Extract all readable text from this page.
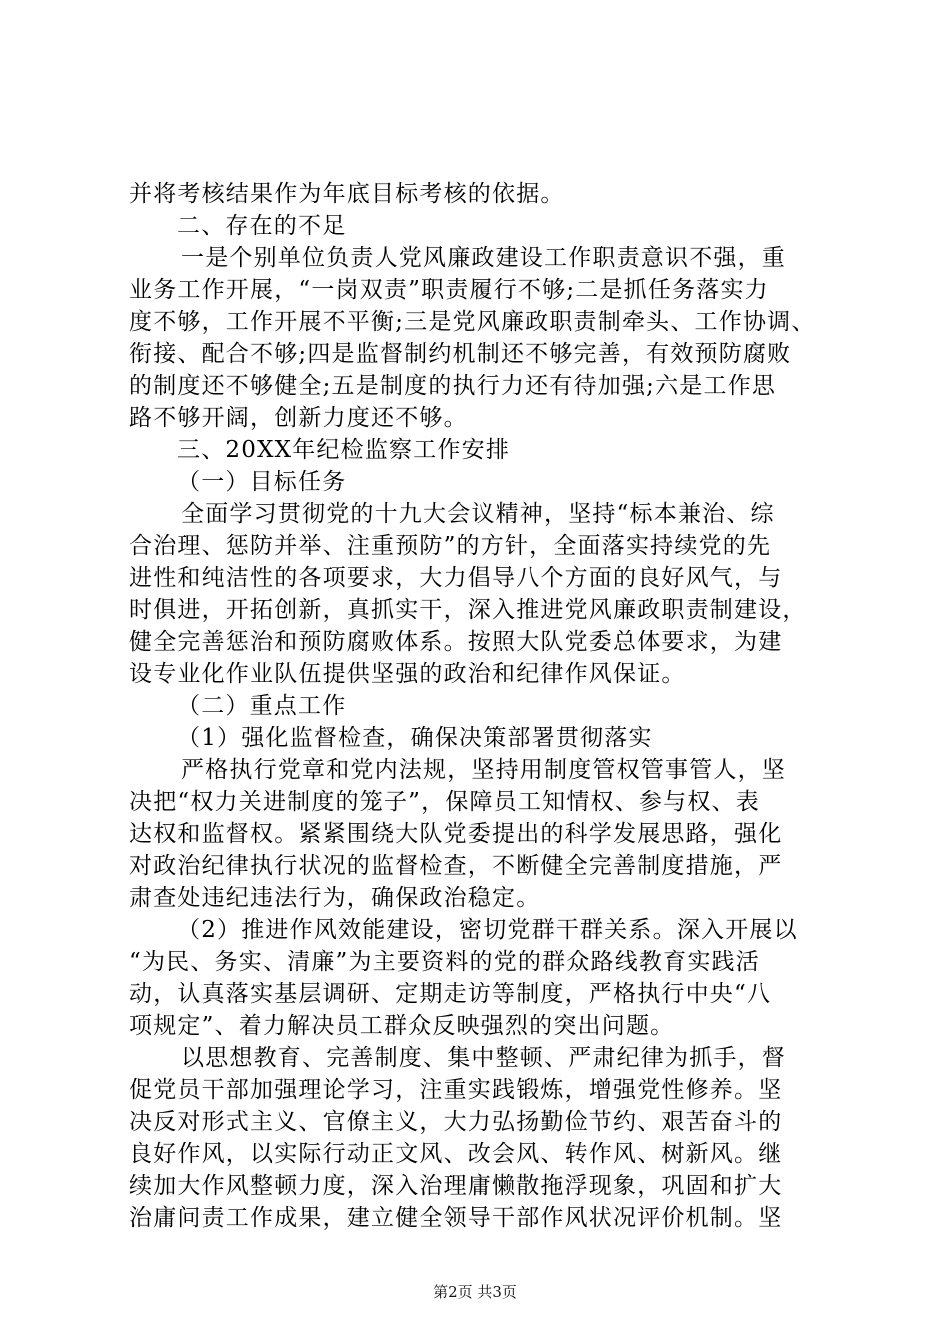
并将考核结果作为年底目标考核的依据。
二、存在的不足
一是个别单位负责人党风廉政建设工作职责意识不强，重
业务工作开展，“一岗双责”职责履行不够;二是抓任务落实力
度不够，工作开展不平衡;三是党风廉政职责制牵头、工作协调、
衔接、配合不够;四是监督制约机制还不够完善，有效预防腐败
的制度还不够健全;五是制度的执行力还有待加强;六是工作思
路不够开阔，创新力度还不够。
三、20XX年纪检监察工作安排
（一）目标任务
全面学习贯彻党的十九大会议精神，坚持“标本兼治、综
合治理、惩防并举、注重预防”的方针，全面落实持续党的先
进性和纯洁性的各项要求，大力倡导八个方面的良好风气，与
时俱进，开拓创新，真抓实干，深入推进党风廉政职责制建设，
健全完善惩治和预防腐败体系。按照大队党委总体要求，为建
设专业化作业队伍提供坚强的政治和纪律作风保证。
（二）重点工作
（1）强化监督检查，确保决策部署贯彻落实
严格执行党章和党内法规，坚持用制度管权管事管人，坚
决把“权力关进制度的笼子”，保障员工知情权、参与权、表
达权和监督权。紧紧围绕大队党委提出的科学发展思路，强化
对政治纪律执行状况的监督检查，不断健全完善制度措施，严
肃查处违纪违法行为，确保政治稳定。
（2）推进作风效能建设，密切党群干群关系。深入开展以
“为民、务实、清廉”为主要资料的党的群众路线教育实践活
动，认真落实基层调研、定期走访等制度，严格执行中央“八
项规定”、着力解决员工群众反映强烈的突出问题。
以思想教育、完善制度、集中整顿、严肃纪律为抓手，督
促党员干部加强理论学习，注重实践锻炼，增强党性修养。坚
决反对形式主义、官僚主义，大力弘扬勤俭节约、艰苦奋斗的
良好作风，以实际行动正文风、改会风、转作风、树新风。继
续加大作风整顿力度，深入治理庸懒散拖浮现象，巩固和扩大
治庸问责工作成果，建立健全领导干部作风状况评价机制。坚
第2页 共3页
